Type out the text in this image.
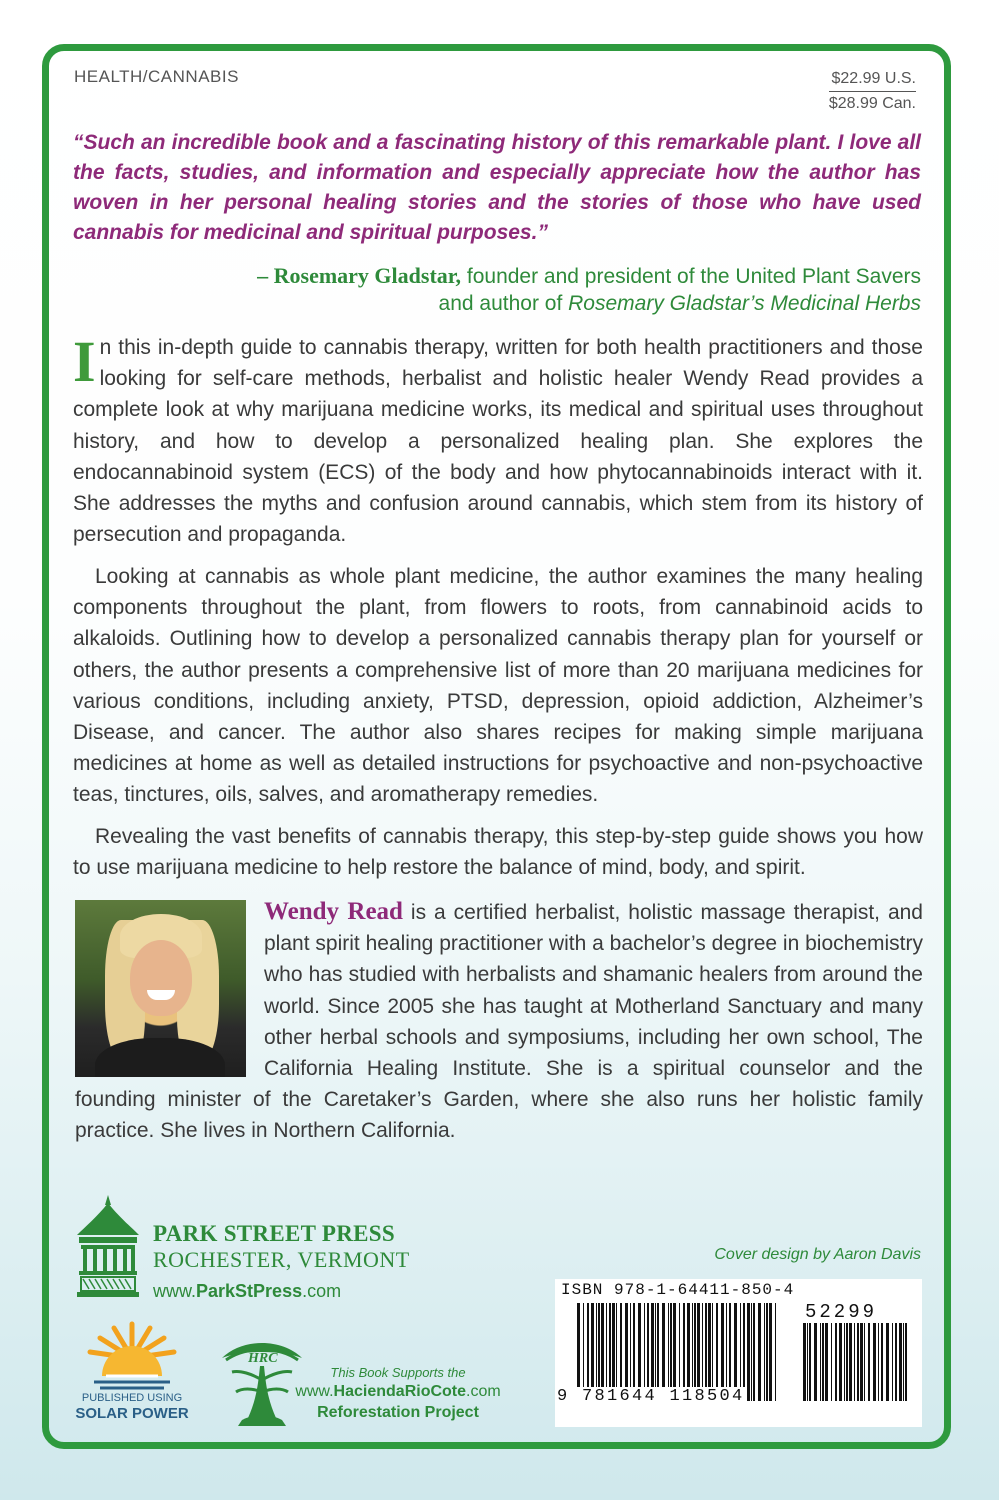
HEALTH/CANNABIS	$22.99 U.S.
$28.99 Can.
“Such an incredible book and a fascinating history of this remarkable plant. I love all the facts, studies, and information and especially appreciate how the author has woven in her personal healing stories and the stories of those who have used cannabis for medicinal and spiritual purposes.”
– Rosemary Gladstar, founder and president of the United Plant Savers
and author of Rosemary Gladstar’s Medicinal Herbs
In this in-depth guide to cannabis therapy, written for both health practitioners and those looking for self-care methods, herbalist and holistic healer Wendy Read provides a complete look at why marijuana medicine works, its medical and spiritual uses throughout history, and how to develop a personalized healing plan. She explores the endocannabinoid system (ECS) of the body and how phytocannabinoids interact with it. She addresses the myths and confusion around cannabis, which stem from its history of persecution and propaganda.
Looking at cannabis as whole plant medicine, the author examines the many healing components throughout the plant, from flowers to roots, from cannabinoid acids to alkaloids. Outlining how to develop a personalized cannabis therapy plan for yourself or others, the author presents a comprehensive list of more than 20 marijuana medicines for various conditions, including anxiety, PTSD, depression, opioid addiction, Alzheimer’s Disease, and cancer. The author also shares recipes for making simple marijuana medicines at home as well as detailed instructions for psychoactive and non-psychoactive teas, tinctures, oils, salves, and aromatherapy remedies.
Revealing the vast benefits of cannabis therapy, this step-by-step guide shows you how to use marijuana medicine to help restore the balance of mind, body, and spirit.
Wendy Read is a certified herbalist, holistic massage therapist, and plant spirit healing practitioner with a bachelor’s degree in biochemistry who has studied with herbalists and shamanic healers from around the world. Since 2005 she has taught at Motherland Sanctuary and many other herbal schools and symposiums, including her own school, The California Healing Institute. She is a spiritual counselor and the founding minister of the Caretaker’s Garden, where she also runs her holistic family practice. She lives in Northern California.
PARK STREET PRESS
ROCHESTER, VERMONT
www.ParkStPress.com
Cover design by Aaron Davis
ISBN 978-1-64411-850-4
52299
9 781644 118504
PUBLISHED USING
SOLAR POWER
HRC
This Book Supports the
www.HaciendaRioCote.com
Reforestation Project
